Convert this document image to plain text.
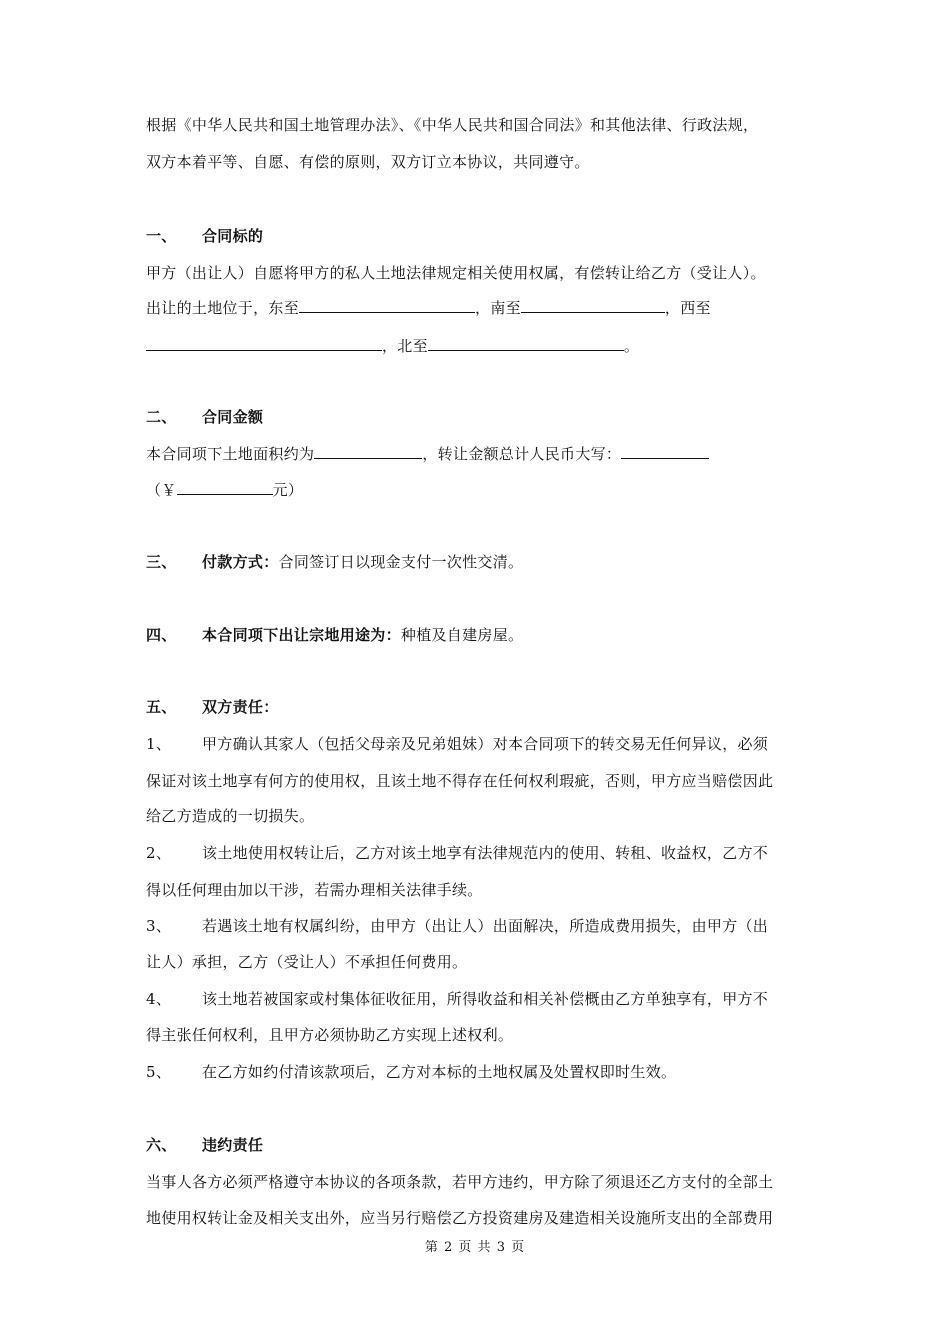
根据《中华人民共和国土地管理办法》、《中华人民共和国合同法》和其他法律、行政法规，
双方本着平等、自愿、有偿的原则，双方订立本协议，共同遵守。
一、 合同标的
甲方（出让人）自愿将甲方的私人土地法律规定相关使用权属，有偿转让给乙方（受让人）。
出让的土地位于，东至	，南至	，西至
，北至	。
二、 合同金额
本合同项下土地面积约为	，转让金额总计人民币大写：
（￥	元）
三、 付款方式：合同签订日以现金支付一次性交清。
四、 本合同项下出让宗地用途为：种植及自建房屋。
五、 双方责任：
1、 甲方确认其家人（包括父母亲及兄弟姐妹）对本合同项下的转交易无任何异议，必须
保证对该土地享有何方的使用权，且该土地不得存在任何权利瑕疵，否则，甲方应当赔偿因此
给乙方造成的一切损失。
2、 该土地使用权转让后，乙方对该土地享有法律规范内的使用、转租、收益权，乙方不
得以任何理由加以干涉，若需办理相关法律手续。
3、 若遇该土地有权属纠纷，由甲方（出让人）出面解决，所造成费用损失，由甲方（出
让人）承担，乙方（受让人）不承担任何费用。
4、 该土地若被国家或村集体征收征用，所得收益和相关补偿概由乙方单独享有，甲方不
得主张任何权利，且甲方必须协助乙方实现上述权利。
5、 在乙方如约付清该款项后，乙方对本标的土地权属及处置权即时生效。
六、 违约责任
当事人各方必须严格遵守本协议的各项条款，若甲方违约，甲方除了须退还乙方支付的全部土
地使用权转让金及相关支出外，应当另行赔偿乙方投资建房及建造相关设施所支出的全部费用
第 2 页 共 3 页
